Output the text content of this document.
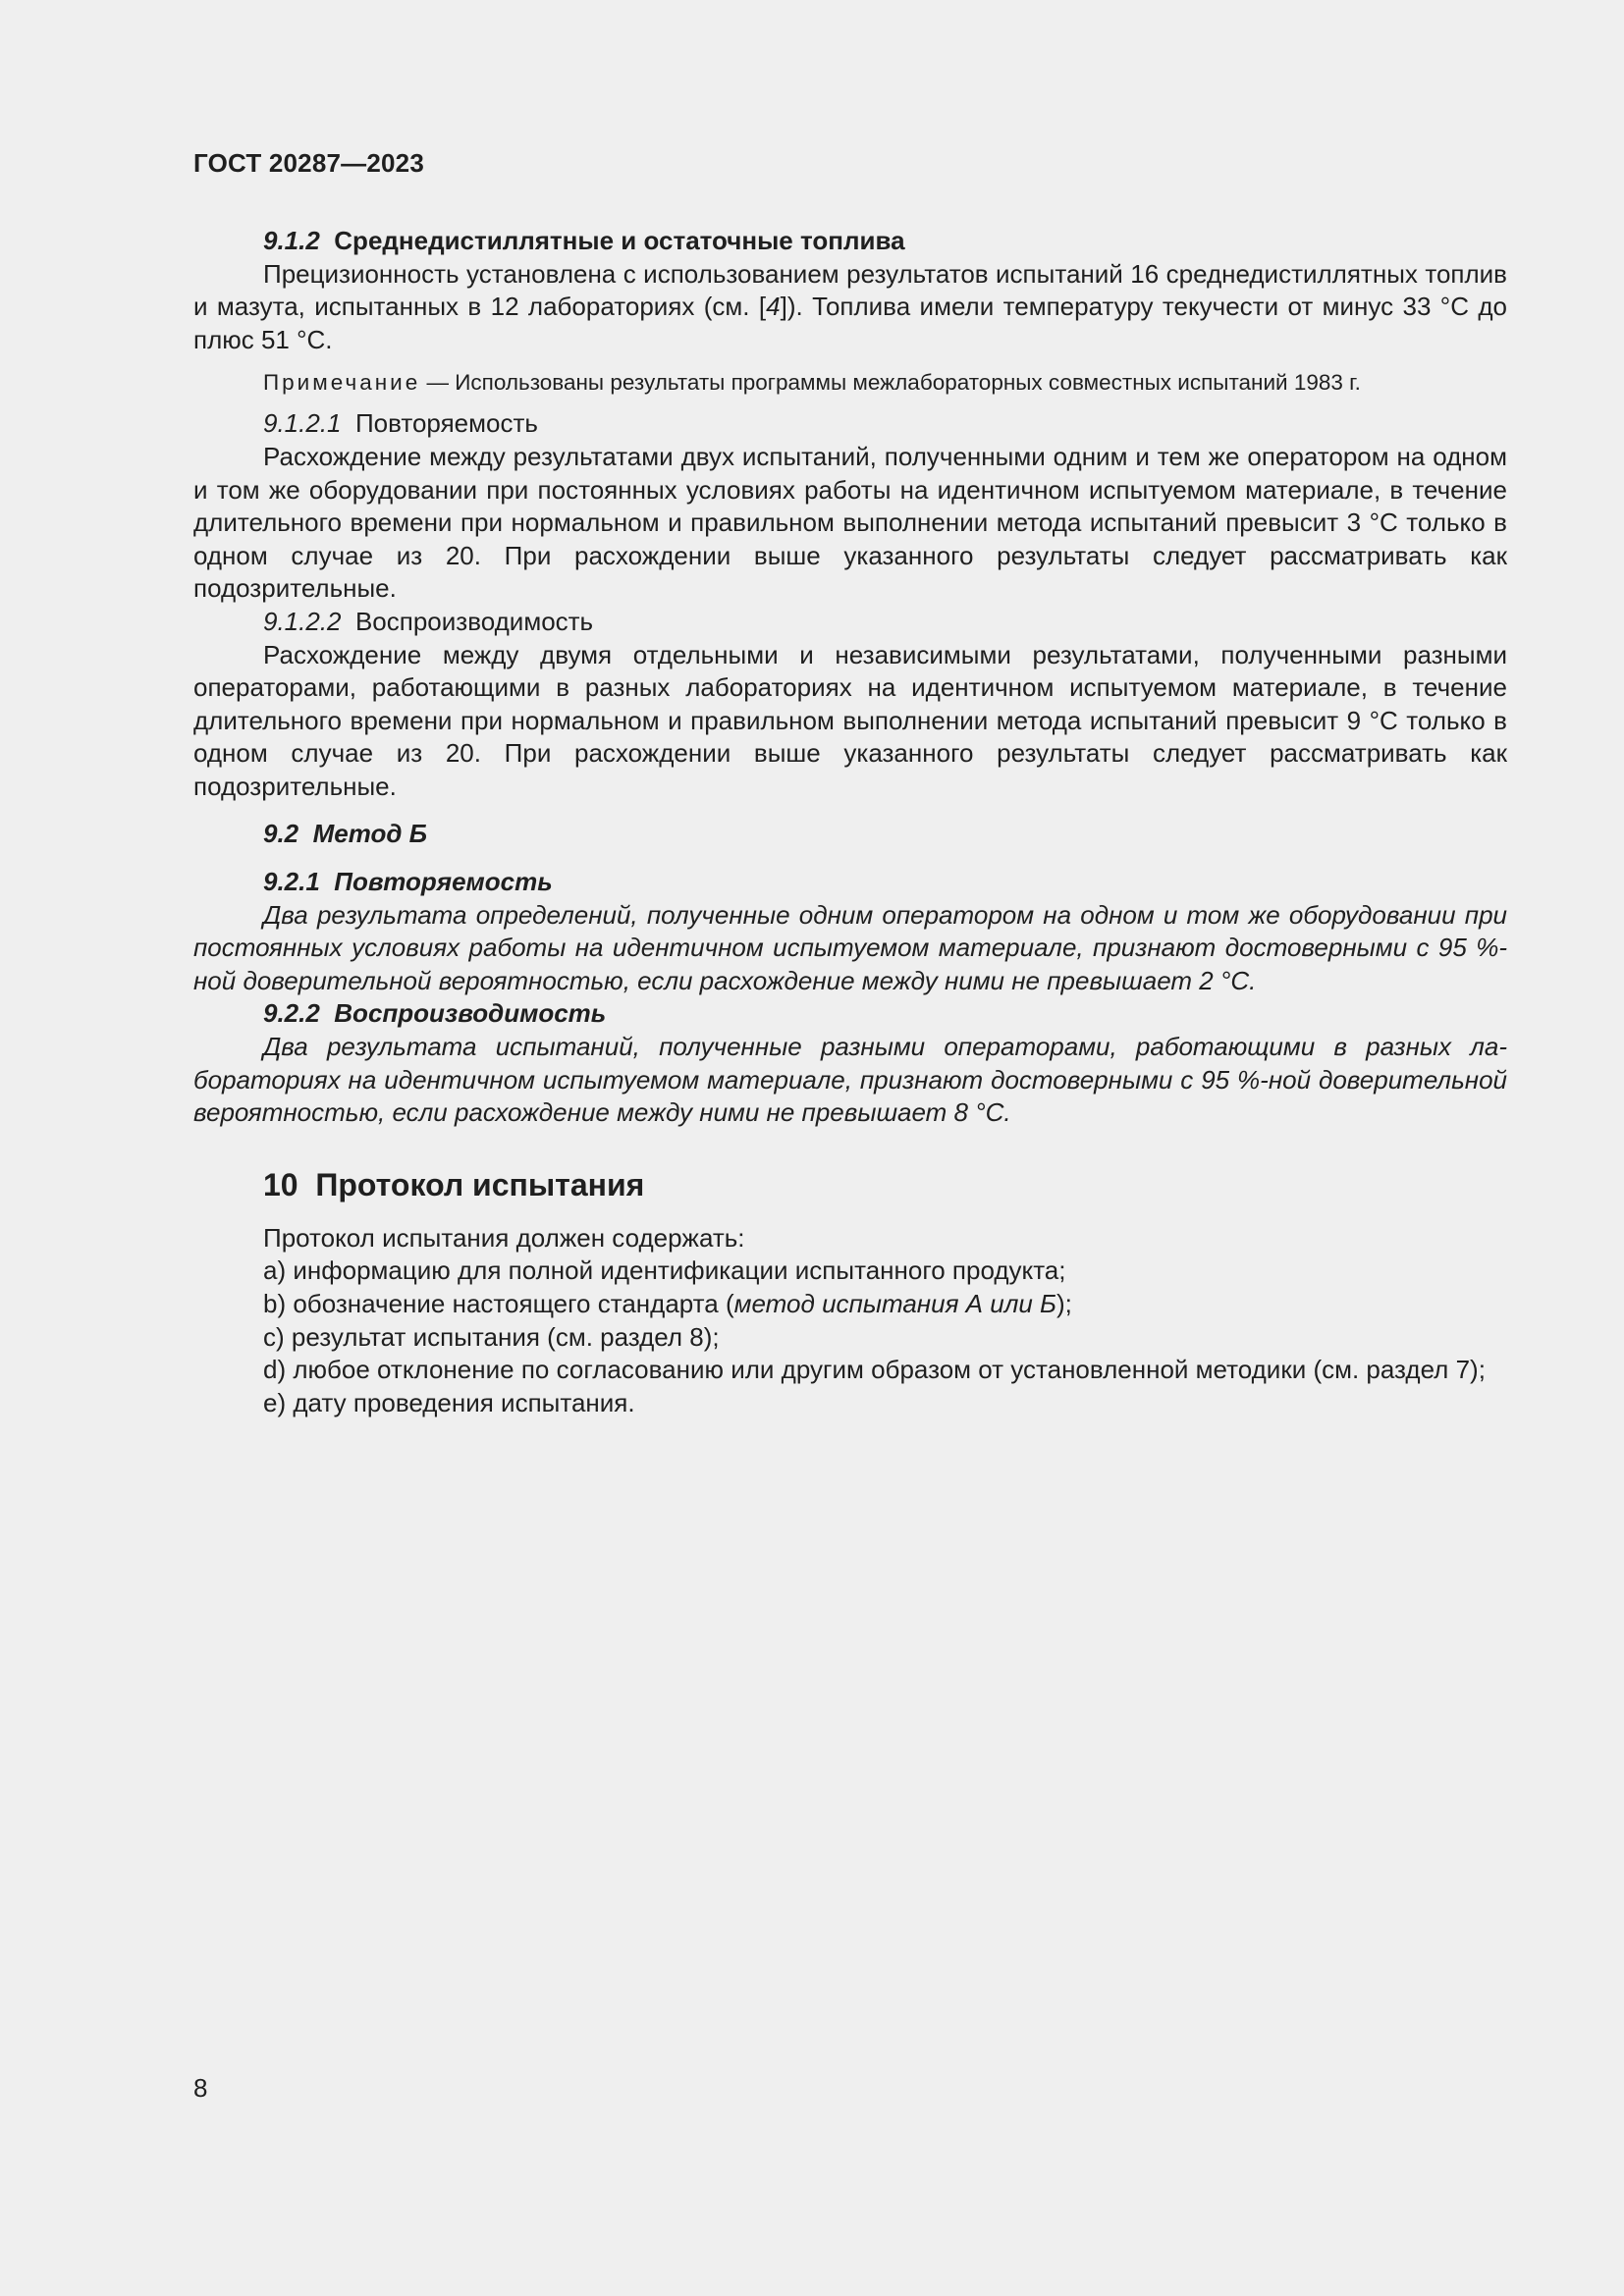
ГОСТ 20287—2023

9.1.2 Среднедистиллятные и остаточные топлива

Прецизионность установлена с использованием результатов испытаний 16 среднедистиллятных топлив и мазута, испытанных в 12 лабораториях (см. [4]). Топлива имели температуру текучести от минус 33 °С до плюс 51 °С.

Примечание — Использованы результаты программы межлабораторных совместных испытаний 1983 г.

9.1.2.1 Повторяемость

Расхождение между результатами двух испытаний, полученными одним и тем же оператором на одном и том же оборудовании при постоянных условиях работы на идентичном испытуемом материале, в течение длительного времени при нормальном и правильном выполнении метода испытаний превысит 3 °С только в одном случае из 20. При расхождении выше указанного результаты следует рассматривать как подозрительные.

9.1.2.2 Воспроизводимость

Расхождение между двумя отдельными и независимыми результатами, полученными разными операторами, работающими в разных лабораториях на идентичном испытуемом материале, в течение длительного времени при нормальном и правильном выполнении метода испытаний превысит 9 °С только в одном случае из 20. При расхождении выше указанного результаты следует рассматривать как подозрительные.

9.2 Метод Б

9.2.1 Повторяемость

Два результата определений, полученные одним оператором на одном и том же оборудовании при постоянных условиях работы на идентичном испытуемом материале, признают достоверными с 95 %-ной доверительной вероятностью, если расхождение между ними не превышает 2 °С.

9.2.2 Воспроизводимость

Два результата испытаний, полученные разными операторами, работающими в разных лабораториях на идентичном испытуемом материале, признают достоверными с 95 %-ной доверительной вероятностью, если расхождение между ними не превышает 8 °С.

10 Протокол испытания

Протокол испытания должен содержать:

a) информацию для полной идентификации испытанного продукта;

b) обозначение настоящего стандарта (метод испытания А или Б);

c) результат испытания (см. раздел 8);

d) любое отклонение по согласованию или другим образом от установленной методики (см. раздел 7);

e) дату проведения испытания.

8
